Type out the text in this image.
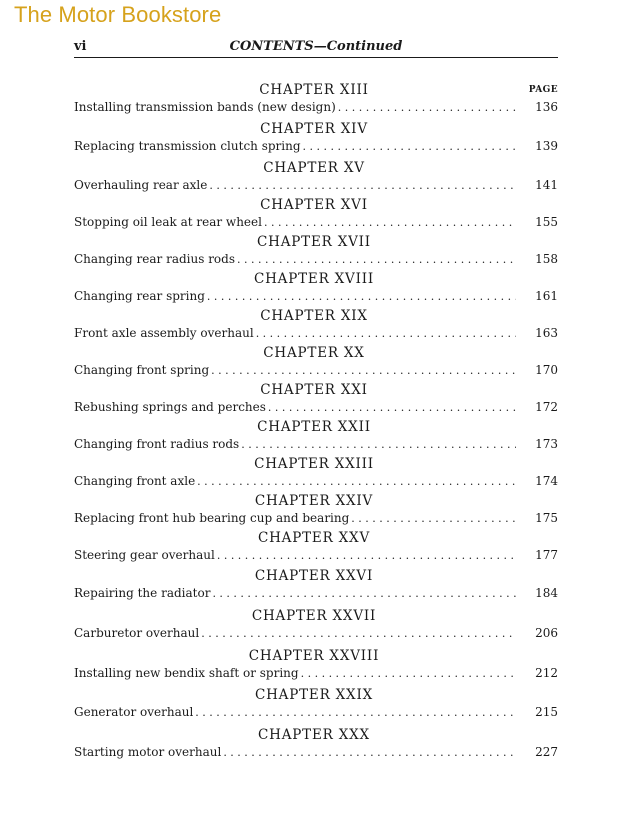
The Motor Bookstore
vi	CONTENTS—Continued
PAGE
CHAPTER XIII
Installing transmission bands (new design) . . .	136
CHAPTER XIV
Replacing transmission clutch spring . . .	139
CHAPTER XV
Overhauling rear axle . . .	141
CHAPTER XVI
Stopping oil leak at rear wheel . . .	155
CHAPTER XVII
Changing rear radius rods . . .	158
CHAPTER XVIII
Changing rear spring . . .	161
CHAPTER XIX
Front axle assembly overhaul . . .	163
CHAPTER XX
Changing front spring . . .	170
CHAPTER XXI
Rebushing springs and perches . . .	172
CHAPTER XXII
Changing front radius rods . . .	173
CHAPTER XXIII
Changing front axle . . .	174
CHAPTER XXIV
Replacing front hub bearing cup and bearing . . .	175
CHAPTER XXV
Steering gear overhaul . . .	177
CHAPTER XXVI
Repairing the radiator . . .	184
CHAPTER XXVII
Carburetor overhaul . . .	206
CHAPTER XXVIII
Installing new bendix shaft or spring . . .	212
CHAPTER XXIX
Generator overhaul . . .	215
CHAPTER XXX
Starting motor overhaul . . .	227
